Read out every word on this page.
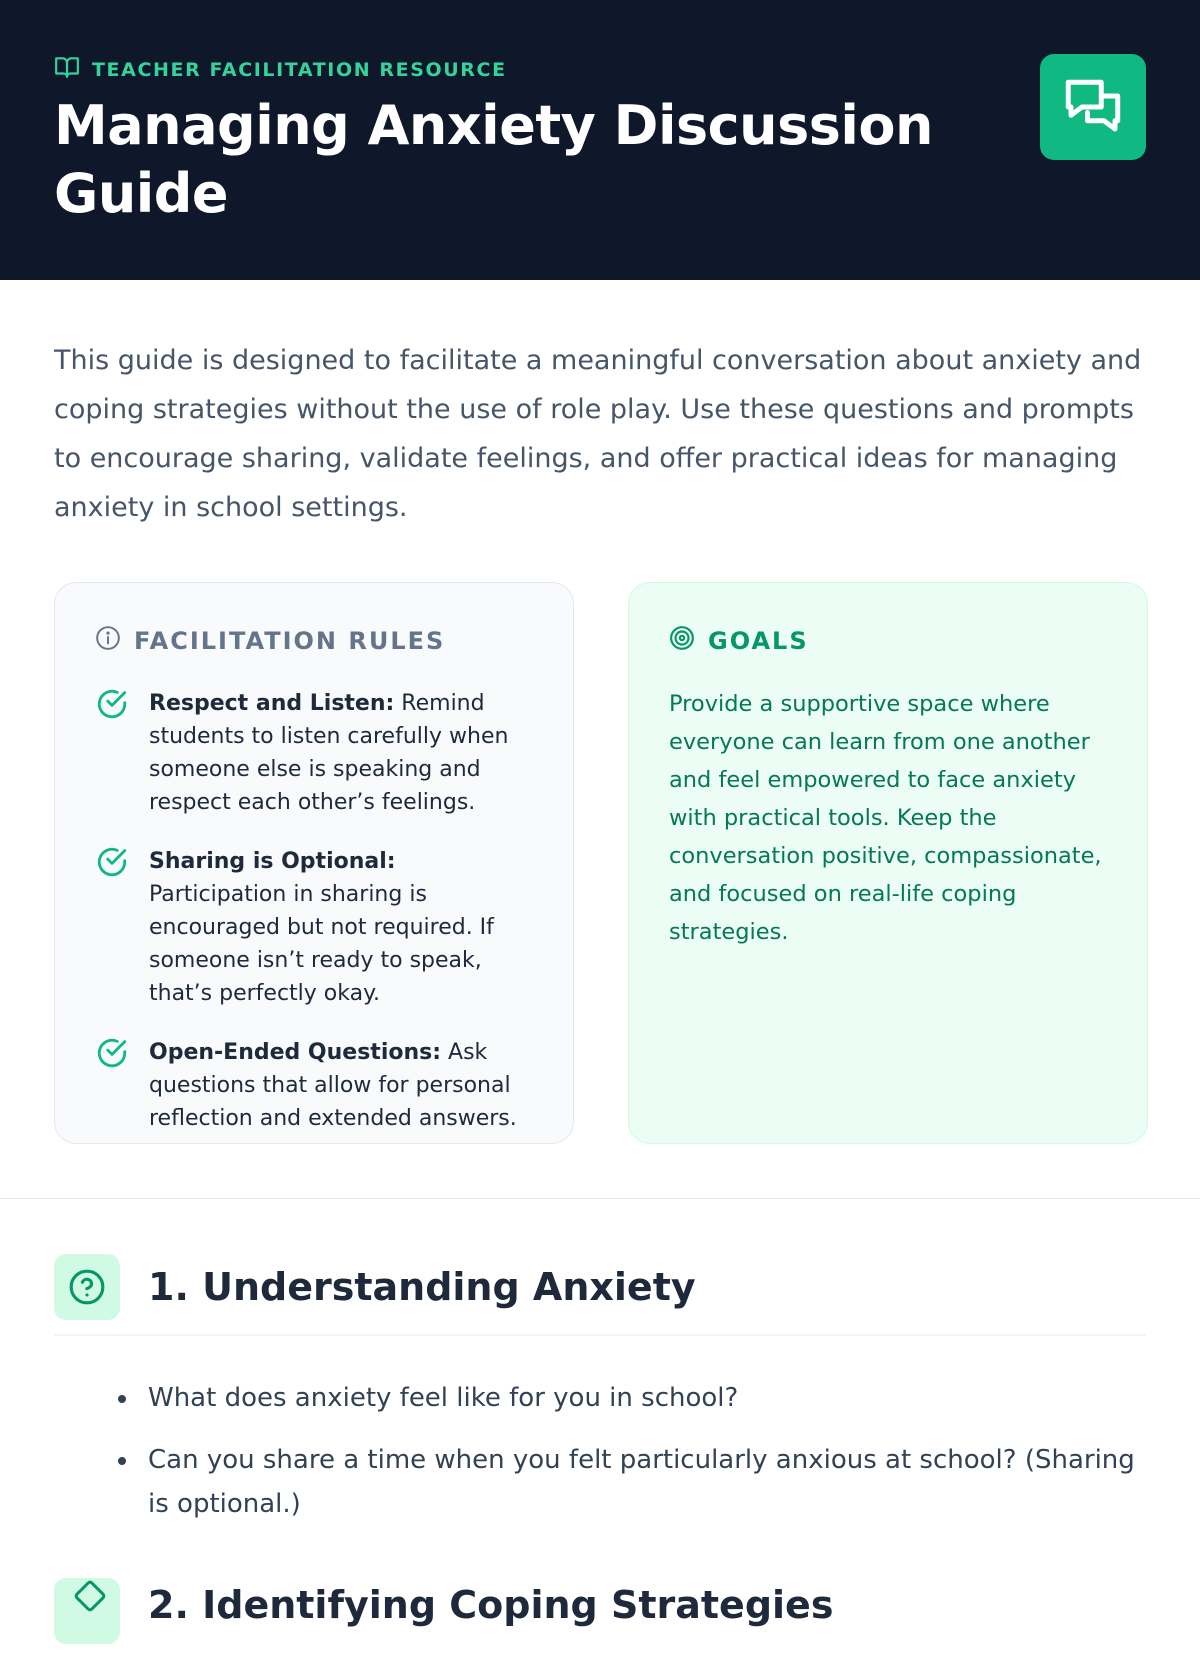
TEACHER FACILITATION RESOURCE
Managing Anxiety Discussion Guide

This guide is designed to facilitate a meaningful conversation about anxiety and coping strategies without the use of role play. Use these questions and prompts to encourage sharing, validate feelings, and offer practical ideas for managing anxiety in school settings.

FACILITATION RULES

Respect and Listen: Remind students to listen carefully when someone else is speaking and respect each other’s feelings.

Sharing is Optional: Participation in sharing is encouraged but not required. If someone isn’t ready to speak, that’s perfectly okay.

Open-Ended Questions: Ask questions that allow for personal reflection and extended answers.

GOALS

Provide a supportive space where everyone can learn from one another and feel empowered to face anxiety with practical tools. Keep the conversation positive, compassionate, and focused on real-life coping strategies.

1. Understanding Anxiety
What does anxiety feel like for you in school?
Can you share a time when you felt particularly anxious at school? (Sharing is optional.)
2. Identifying Coping Strategies
